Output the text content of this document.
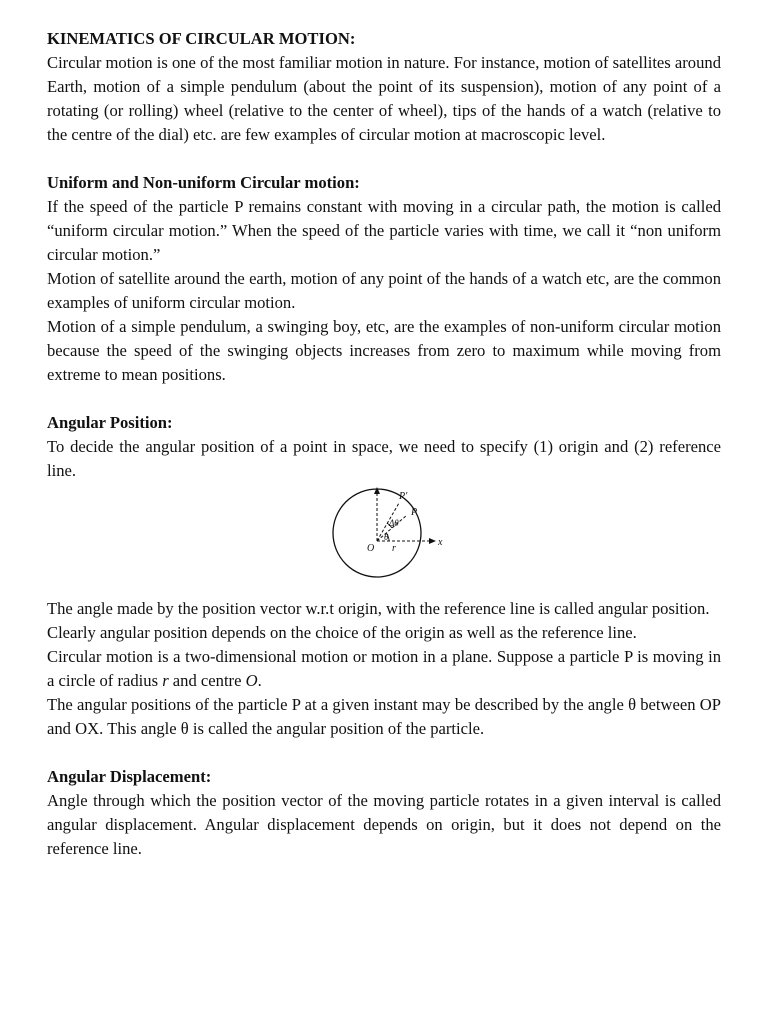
KINEMATICS OF CIRCULAR MOTION:

Circular motion is one of the most familiar motion in nature. For instance, motion of satellites around Earth, motion of a simple pendulum (about the point of its suspension), motion of any point of a rotating (or rolling) wheel (relative to the center of wheel), tips of the hands of a watch (relative to the centre of the dial) etc. are few examples of circular motion at macroscopic level.

Uniform and Non-uniform Circular motion:

If the speed of the particle P remains constant with moving in a circular path, the motion is called “uniform circular motion.” When the speed of the particle varies with time, we call it “non uniform circular motion.”

Motion of satellite around the earth, motion of any point of the hands of a watch etc, are the common examples of uniform circular motion.

Motion of a simple pendulum, a swinging boy, etc, are the examples of non-uniform circular motion because the speed of the swinging objects increases from zero to maximum while moving from extreme to mean positions.

Angular Position:

To decide the angular position of a point in space, we need to specify (1) origin and (2) reference line.

P′
P
Δθ
θ
O r
x

The angle made by the position vector w.r.t origin, with the reference line is called angular position.

Clearly angular position depends on the choice of the origin as well as the reference line.

Circular motion is a two-dimensional motion or motion in a plane. Suppose a particle P is moving in a circle of radius r and centre O.

The angular positions of the particle P at a given instant may be described by the angle θ between OP and OX. This angle θ is called the angular position of the particle.

Angular Displacement:

Angle through which the position vector of the moving particle rotates in a given interval is called angular displacement. Angular displacement depends on origin, but it does not depend on the reference line.
